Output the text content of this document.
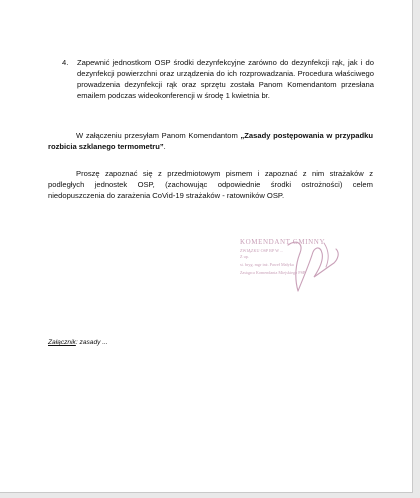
4. Zapewnić jednostkom OSP środki dezynfekcyjne zarówno do dezynfekcji rąk, jak i do dezynfekcji powierzchni oraz urządzenia do ich rozprowadzania. Procedura właściwego prowadzenia dezynfekcji rąk oraz sprzętu została Panom Komendantom przesłana emailem podczas wideokonferencji w środę 1 kwietnia br.
W załączeniu przesyłam Panom Komendantom „Zasady postępowania w przypadku rozbicia szklanego termometru”.
Proszę zapoznać się z przedmiotowym pismem i zapoznać z nim strażaków z podległych jednostek OSP, (zachowując odpowiednie środki ostrożności) celem niedopuszczenia do zarażenia CoVid-19 strażaków - ratowników OSP.
KOMENDANT GMINNY
ZWIĄZKU OSP RP W ...
Z up.
st. bryg. mgr inż. Paweł Małyka
Zastępca Komendanta Miejskiego PSP
Załącznik: zasady ...
